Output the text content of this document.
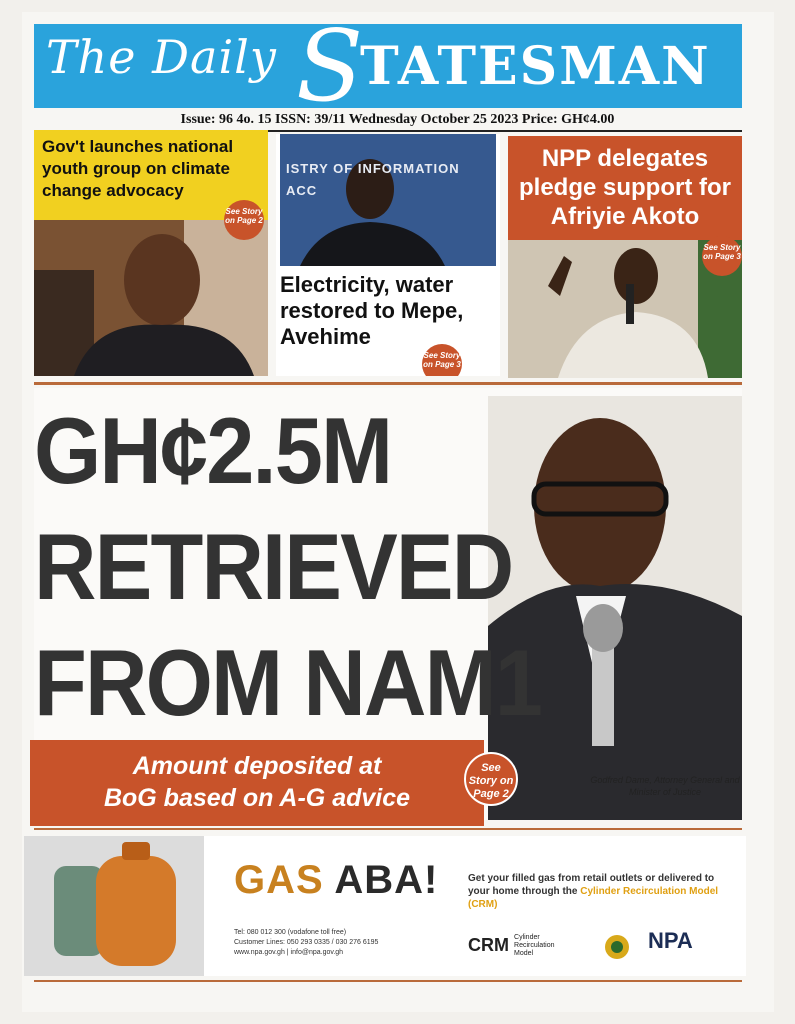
The Daily S
TATESMAN
Issue: 96 4o. 15 ISSN: 39/11 Wednesday October 25 2023 Price: GH¢4.00
Gov't launches national youth group on climate change advocacy
See Story on Page 2
ISTRY OF INFORMATION ACC
Electricity, water restored to Mepe, Avehime
See Story on Page 3
NPP delegates pledge support for Afriyie Akoto
See Story on Page 3
GH¢2.5M
RETRIEVED
FROM NAM1
Amount deposited at
BoG based on A-G advice
See Story on Page 2
Godfred Dame, Attorney General and Minister of Justice
GAS ABA!	Get your filled gas from retail outlets or delivered to your home through the Cylinder Recirculation Model (CRM)
Tel: 080 012 300 (vodafone toll free)
Customer Lines: 050 293 0335 / 030 276 6195
www.npa.gov.gh | info@npa.gov.gh	CRM Cylinder Recirculation Model
NPA
